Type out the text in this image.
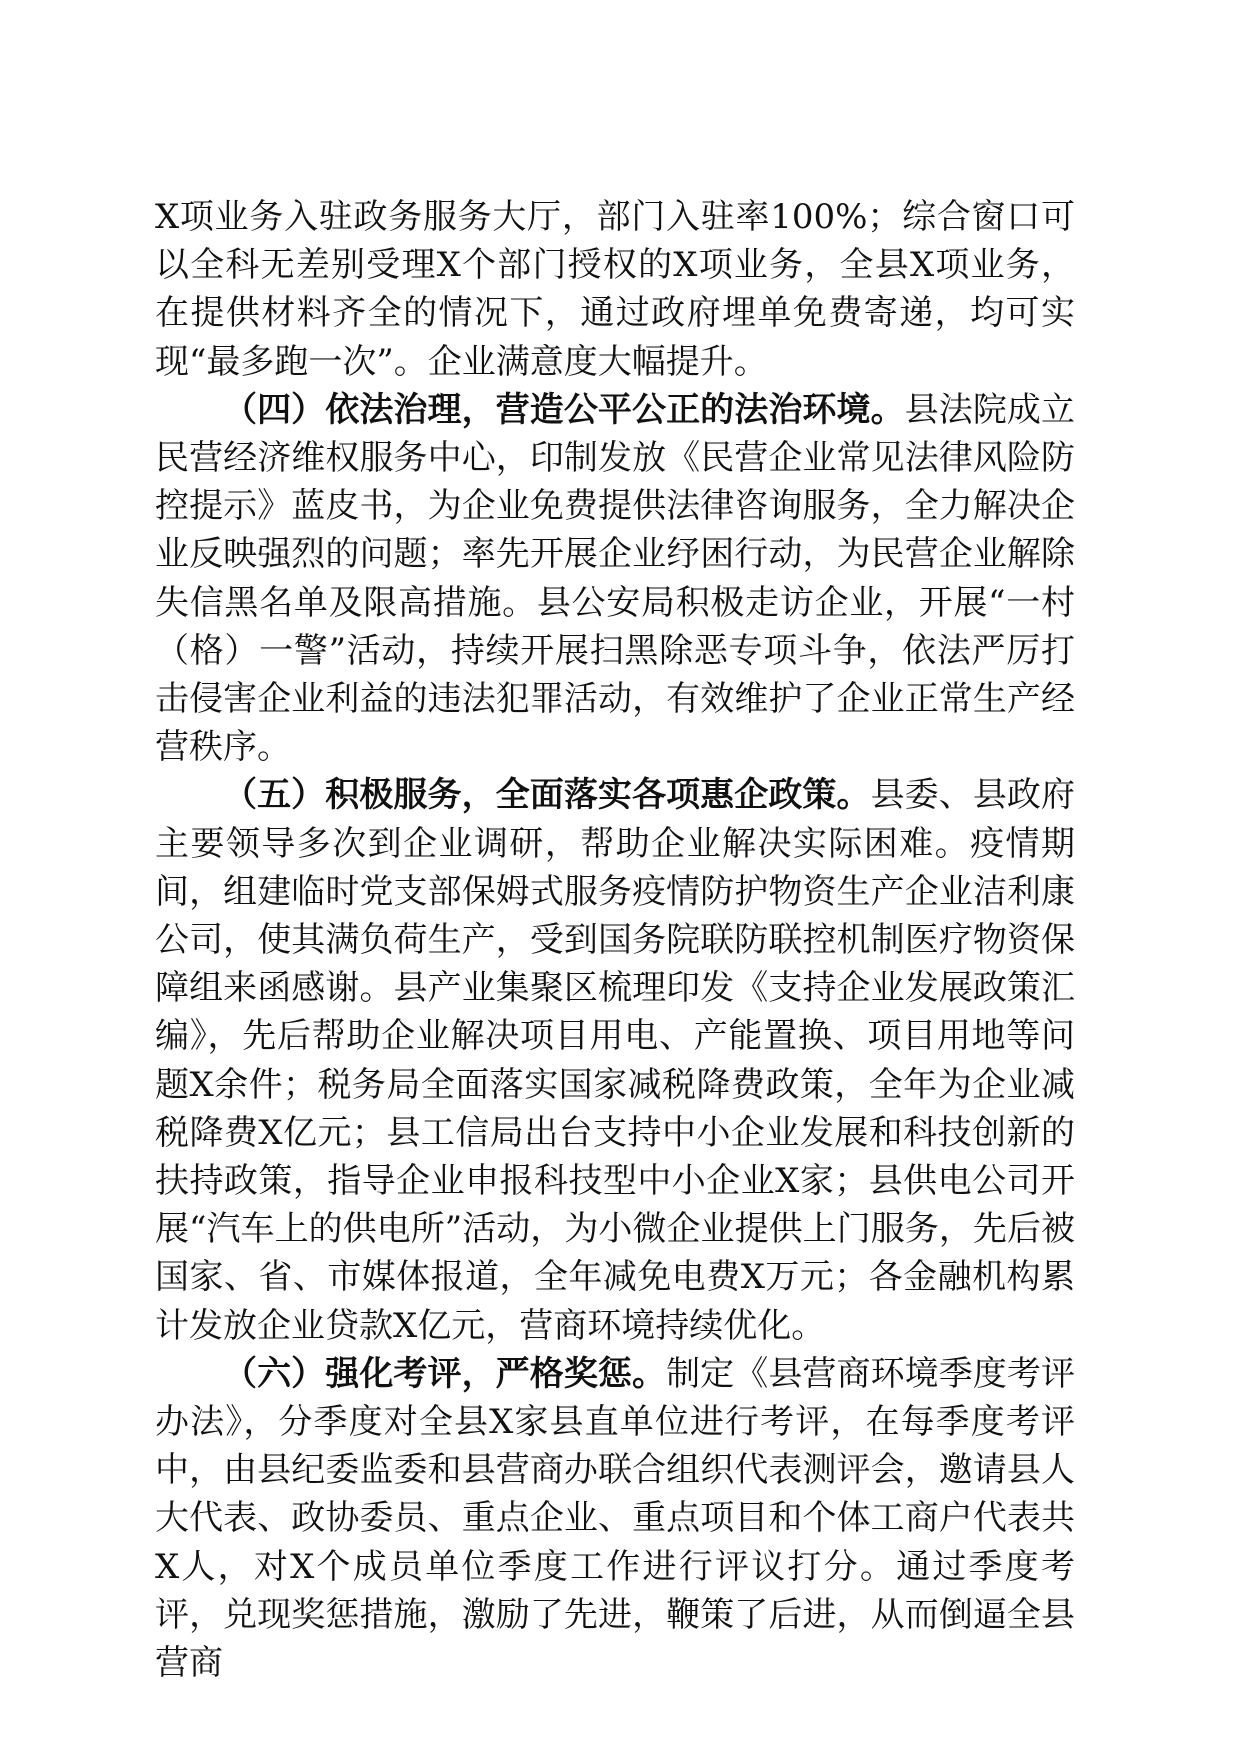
X项业务入驻政务服务大厅，部门入驻率100%；综合窗口可以全科无差别受理X个部门授权的X项业务，全县X项业务，在提供材料齐全的情况下，通过政府埋单免费寄递，均可实现“最多跑一次”。企业满意度大幅提升。

（四）依法治理，营造公平公正的法治环境。县法院成立民营经济维权服务中心，印制发放《民营企业常见法律风险防控提示》蓝皮书，为企业免费提供法律咨询服务，全力解决企业反映强烈的问题；率先开展企业纾困行动，为民营企业解除失信黑名单及限高措施。县公安局积极走访企业，开展“一村（格）一警”活动，持续开展扫黑除恶专项斗争，依法严厉打击侵害企业利益的违法犯罪活动，有效维护了企业正常生产经营秩序。

（五）积极服务，全面落实各项惠企政策。县委、县政府主要领导多次到企业调研，帮助企业解决实际困难。疫情期间，组建临时党支部保姆式服务疫情防护物资生产企业洁利康公司，使其满负荷生产，受到国务院联防联控机制医疗物资保障组来函感谢。县产业集聚区梳理印发《支持企业发展政策汇编》，先后帮助企业解决项目用电、产能置换、项目用地等问题X余件；税务局全面落实国家减税降费政策，全年为企业减税降费X亿元；县工信局出台支持中小企业发展和科技创新的扶持政策，指导企业申报科技型中小企业X家；县供电公司开展“汽车上的供电所”活动，为小微企业提供上门服务，先后被国家、省、市媒体报道，全年减免电费X万元；各金融机构累计发放企业贷款X亿元，营商环境持续优化。

（六）强化考评，严格奖惩。制定《县营商环境季度考评办法》，分季度对全县X家县直单位进行考评，在每季度考评中，由县纪委监委和县营商办联合组织代表测评会，邀请县人大代表、政协委员、重点企业、重点项目和个体工商户代表共X人，对X个成员单位季度工作进行评议打分。通过季度考评，兑现奖惩措施，激励了先进，鞭策了后进，从而倒逼全县营商
